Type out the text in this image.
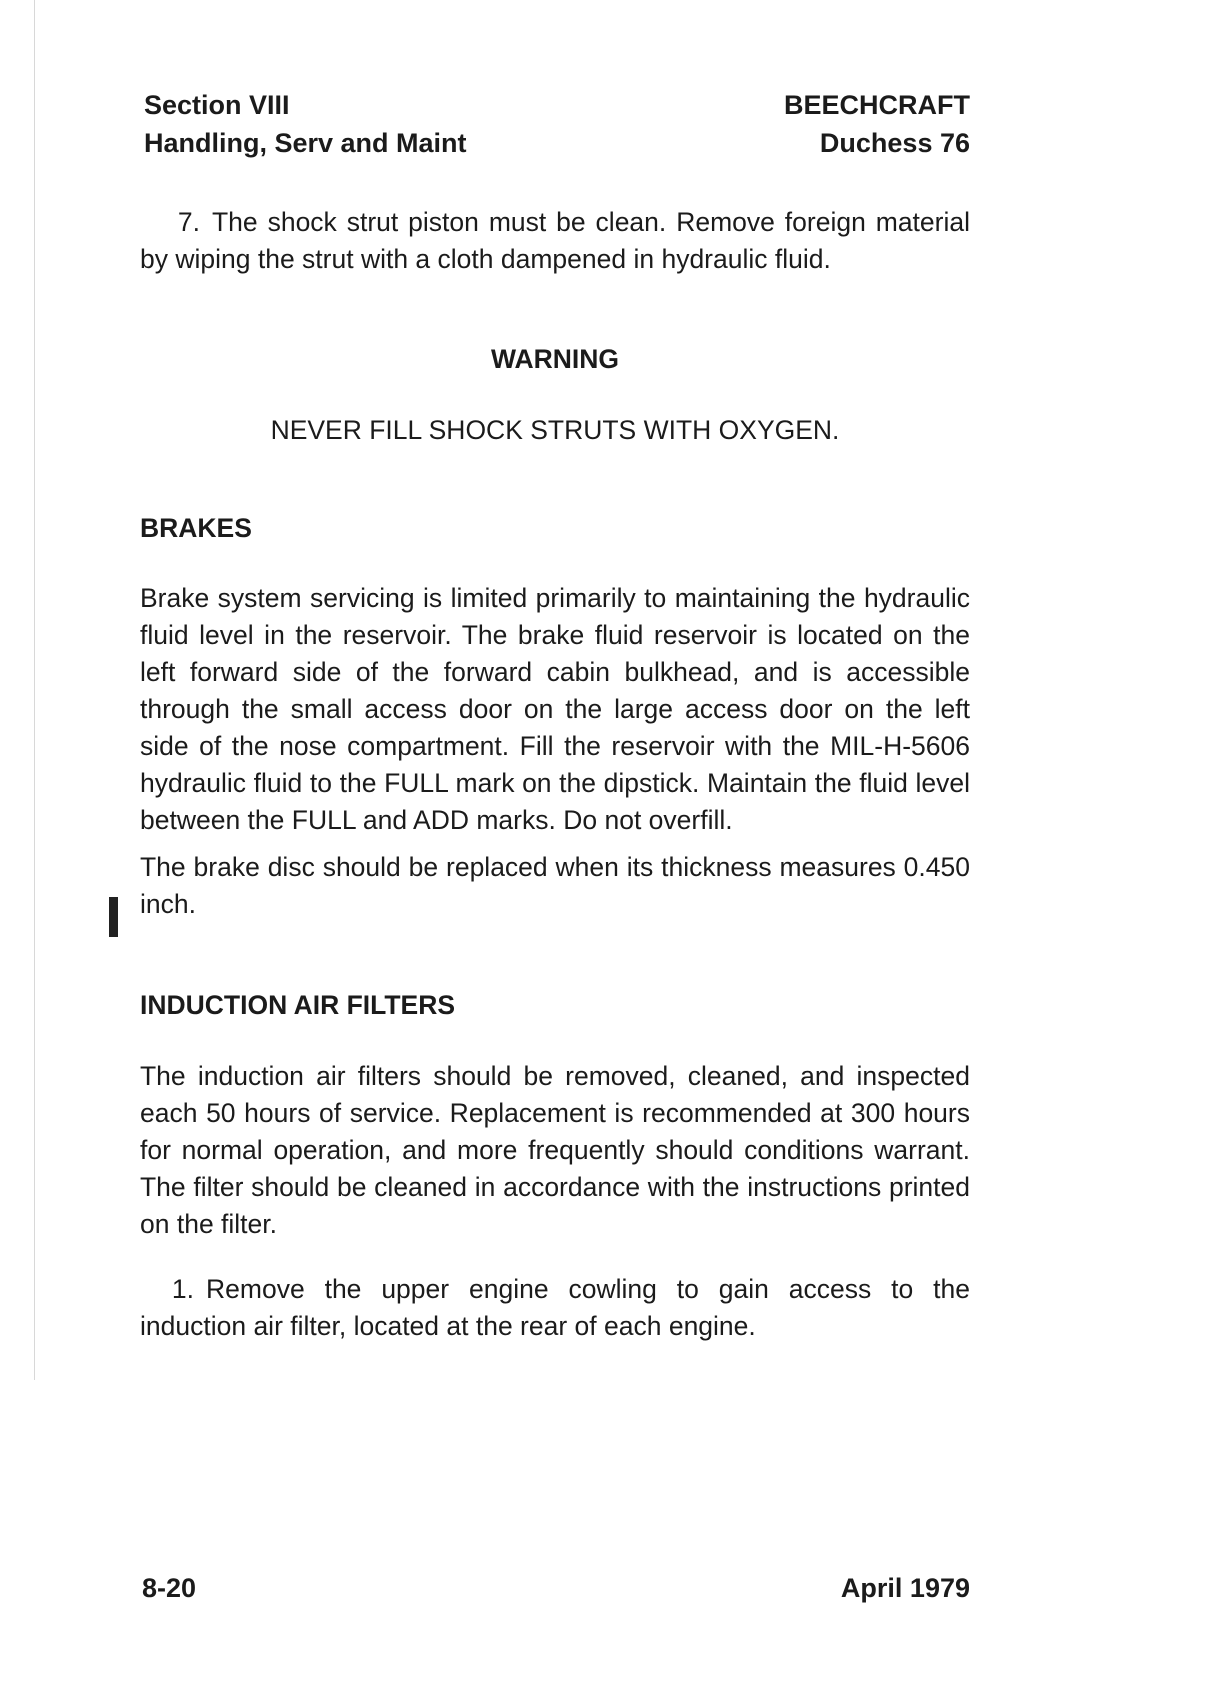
Section VIII
Handling, Serv and Maint
BEECHCRAFT
Duchess 76

7. The shock strut piston must be clean. Remove foreign material by wiping the strut with a cloth dampened in hydraulic fluid.

WARNING

NEVER FILL SHOCK STRUTS WITH OXYGEN.

BRAKES

Brake system servicing is limited primarily to maintaining the hydraulic fluid level in the reservoir. The brake fluid reservoir is located on the left forward side of the forward cabin bulkhead, and is accessible through the small access door on the large access door on the left side of the nose compartment. Fill the reservoir with the MIL-H-5606 hydraulic fluid to the FULL mark on the dipstick. Maintain the fluid level between the FULL and ADD marks. Do not overfill.

The brake disc should be replaced when its thickness measures 0.450 inch.

INDUCTION AIR FILTERS

The induction air filters should be removed, cleaned, and inspected each 50 hours of service. Replacement is recommended at 300 hours for normal operation, and more frequently should conditions warrant. The filter should be cleaned in accordance with the instructions printed on the filter.

1. Remove the upper engine cowling to gain access to the induction air filter, located at the rear of each engine.

8-20	April 1979
